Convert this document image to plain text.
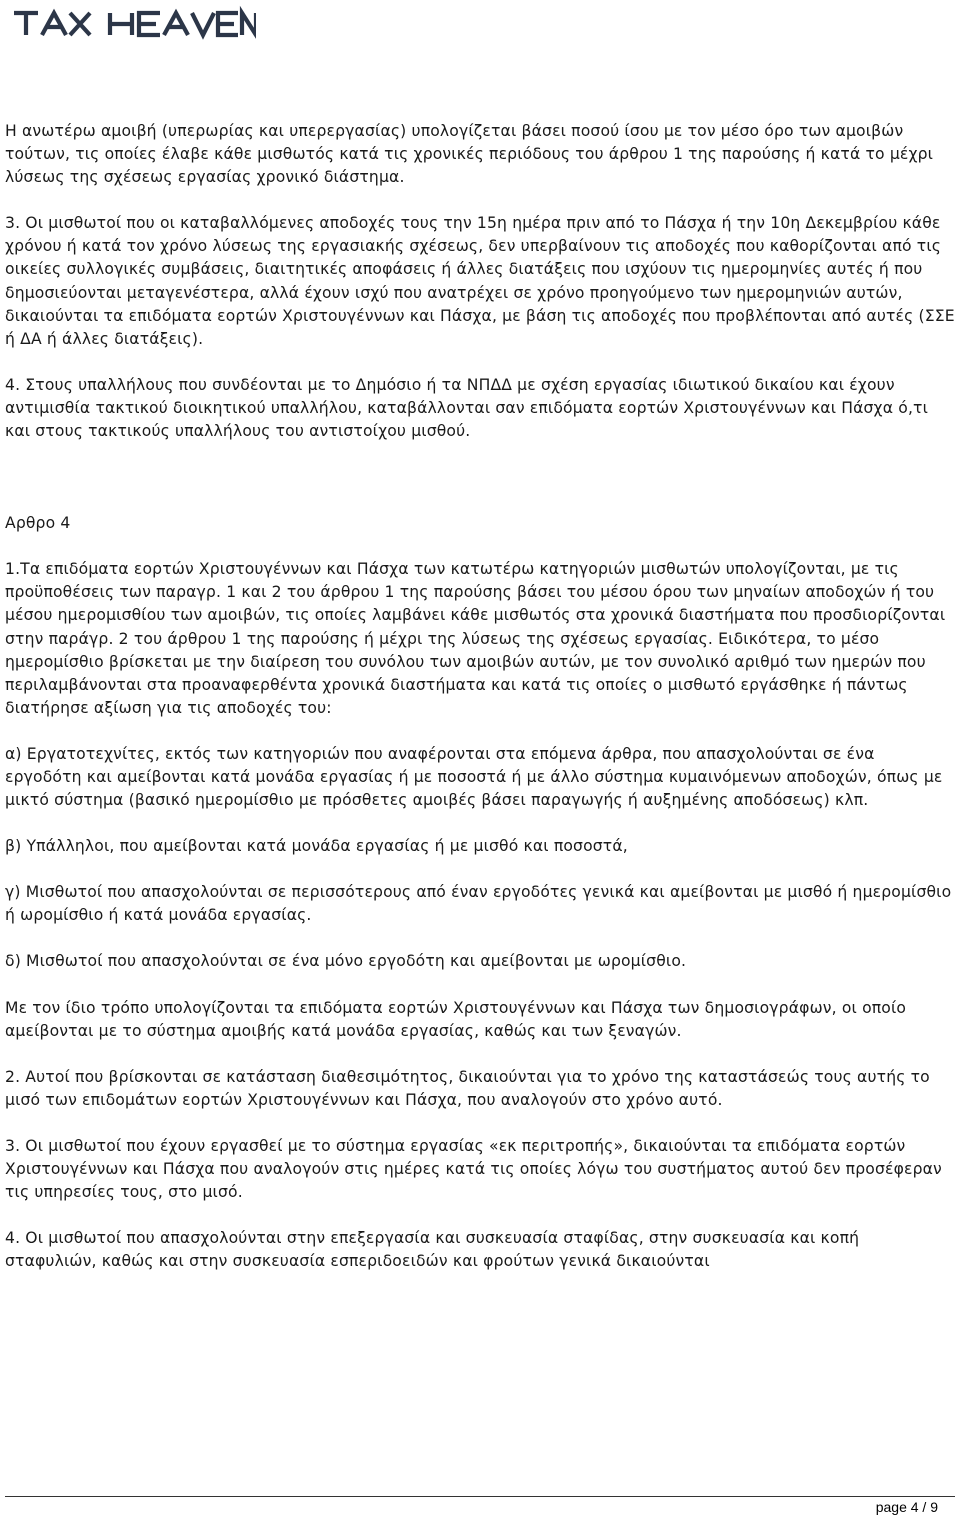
Η ανωτέρω αμοιβή (υπερωρίας και υπερεργασίας) υπολογίζεται βάσει ποσού ίσου με τον μέσο όρο των αμοιβών τούτων, τις οποίες έλαβε κάθε μισθωτός κατά τις χρονικές περιόδους του άρθρου 1 της παρούσης ή κατά το μέχρι λύσεως της σχέσεως εργασίας χρονικό διάστημα.

3. Οι μισθωτοί που οι καταβαλλόμενες αποδοχές τους την 15η ημέρα πριν από το Πάσχα ή την 10η Δεκεμβρίου κάθε χρόνου ή κατά τον χρόνο λύσεως της εργασιακής σχέσεως, δεν υπερβαίνουν τις αποδοχές που καθορίζονται από τις οικείες συλλογικές συμβάσεις, διαιτητικές αποφάσεις ή άλλες διατάξεις που ισχύουν τις ημερομηνίες αυτές ή που δημοσιεύονται μεταγενέστερα, αλλά έχουν ισχύ που ανατρέχει σε χρόνο προηγούμενο των ημερομηνιών αυτών, δικαιούνται τα επιδόματα εορτών Χριστουγέννων και Πάσχα, με βάση τις αποδοχές που προβλέπονται από αυτές (ΣΣΕ ή ΔΑ ή άλλες διατάξεις).

4. Στους υπαλλήλους που συνδέονται με το Δημόσιο ή τα ΝΠΔΔ με σχέση εργασίας ιδιωτικού δικαίου και έχουν αντιμισθία τακτικού διοικητικού υπαλλήλου, καταβάλλονται σαν επιδόματα εορτών Χριστουγέννων και Πάσχα ό,τι και στους τακτικούς υπαλλήλους του αντιστοίχου μισθού.

Αρθρο 4

1.Τα επιδόματα εορτών Χριστουγέννων και Πάσχα των κατωτέρω κατηγοριών μισθωτών υπολογίζονται, με τις προϋποθέσεις των παραγρ. 1 και 2 του άρθρου 1 της παρούσης βάσει του μέσου όρου των μηναίων αποδοχών ή του μέσου ημερομισθίου των αμοιβών, τις οποίες λαμβάνει κάθε μισθωτός στα χρονικά διαστήματα που προσδιορίζονται στην παράγρ. 2 του άρθρου 1 της παρούσης ή μέχρι της λύσεως της σχέσεως εργασίας. Ειδικότερα, το μέσο ημερομίσθιο βρίσκεται με την διαίρεση του συνόλου των αμοιβών αυτών, με τον συνολικό αριθμό των ημερών που περιλαμβάνονται στα προαναφερθέντα χρονικά διαστήματα και κατά τις οποίες ο μισθωτό εργάσθηκε ή πάντως διατήρησε αξίωση για τις αποδοχές του:

α) Εργατοτεχνίτες, εκτός των κατηγοριών που αναφέρονται στα επόμενα άρθρα, που απασχολούνται σε ένα εργοδότη και αμείβονται κατά μονάδα εργασίας ή με ποσοστά ή με άλλο σύστημα κυμαινόμενων αποδοχών, όπως με μικτό σύστημα (βασικό ημερομίσθιο με πρόσθετες αμοιβές βάσει παραγωγής ή αυξημένης αποδόσεως) κλπ.

β) Υπάλληλοι, που αμείβονται κατά μονάδα εργασίας ή με μισθό και ποσοστά,

γ) Μισθωτοί που απασχολούνται σε περισσότερους από έναν εργοδότες γενικά και αμείβονται με μισθό ή ημερομίσθιο ή ωρομίσθιο ή κατά μονάδα εργασίας.

δ) Μισθωτοί που απασχολούνται σε ένα μόνο εργοδότη και αμείβονται με ωρομίσθιο.

Με τον ίδιο τρόπο υπολογίζονται τα επιδόματα εορτών Χριστουγέννων και Πάσχα των δημοσιογράφων, οι οποίο αμείβονται με το σύστημα αμοιβής κατά μονάδα εργασίας, καθώς και των ξεναγών.

2. Αυτοί που βρίσκονται σε κατάσταση διαθεσιμότητος, δικαιούνται για το χρόνο της καταστάσεώς τους αυτής το μισό των επιδομάτων εορτών Χριστουγέννων και Πάσχα, που αναλογούν στο χρόνο αυτό.

3. Οι μισθωτοί που έχουν εργασθεί με το σύστημα εργασίας «εκ περιτροπής», δικαιούνται τα επιδόματα εορτών Χριστουγέννων και Πάσχα που αναλογούν στις ημέρες κατά τις οποίες λόγω του συστήματος αυτού δεν προσέφεραν τις υπηρεσίες τους, στο μισό.

4. Οι μισθωτοί που απασχολούνται στην επεξεργασία και συσκευασία σταφίδας, στην συσκευασία και κοπή σταφυλιών, καθώς και στην συσκευασία εσπεριδοειδών και φρούτων γενικά δικαιούνται

page 4 / 9
